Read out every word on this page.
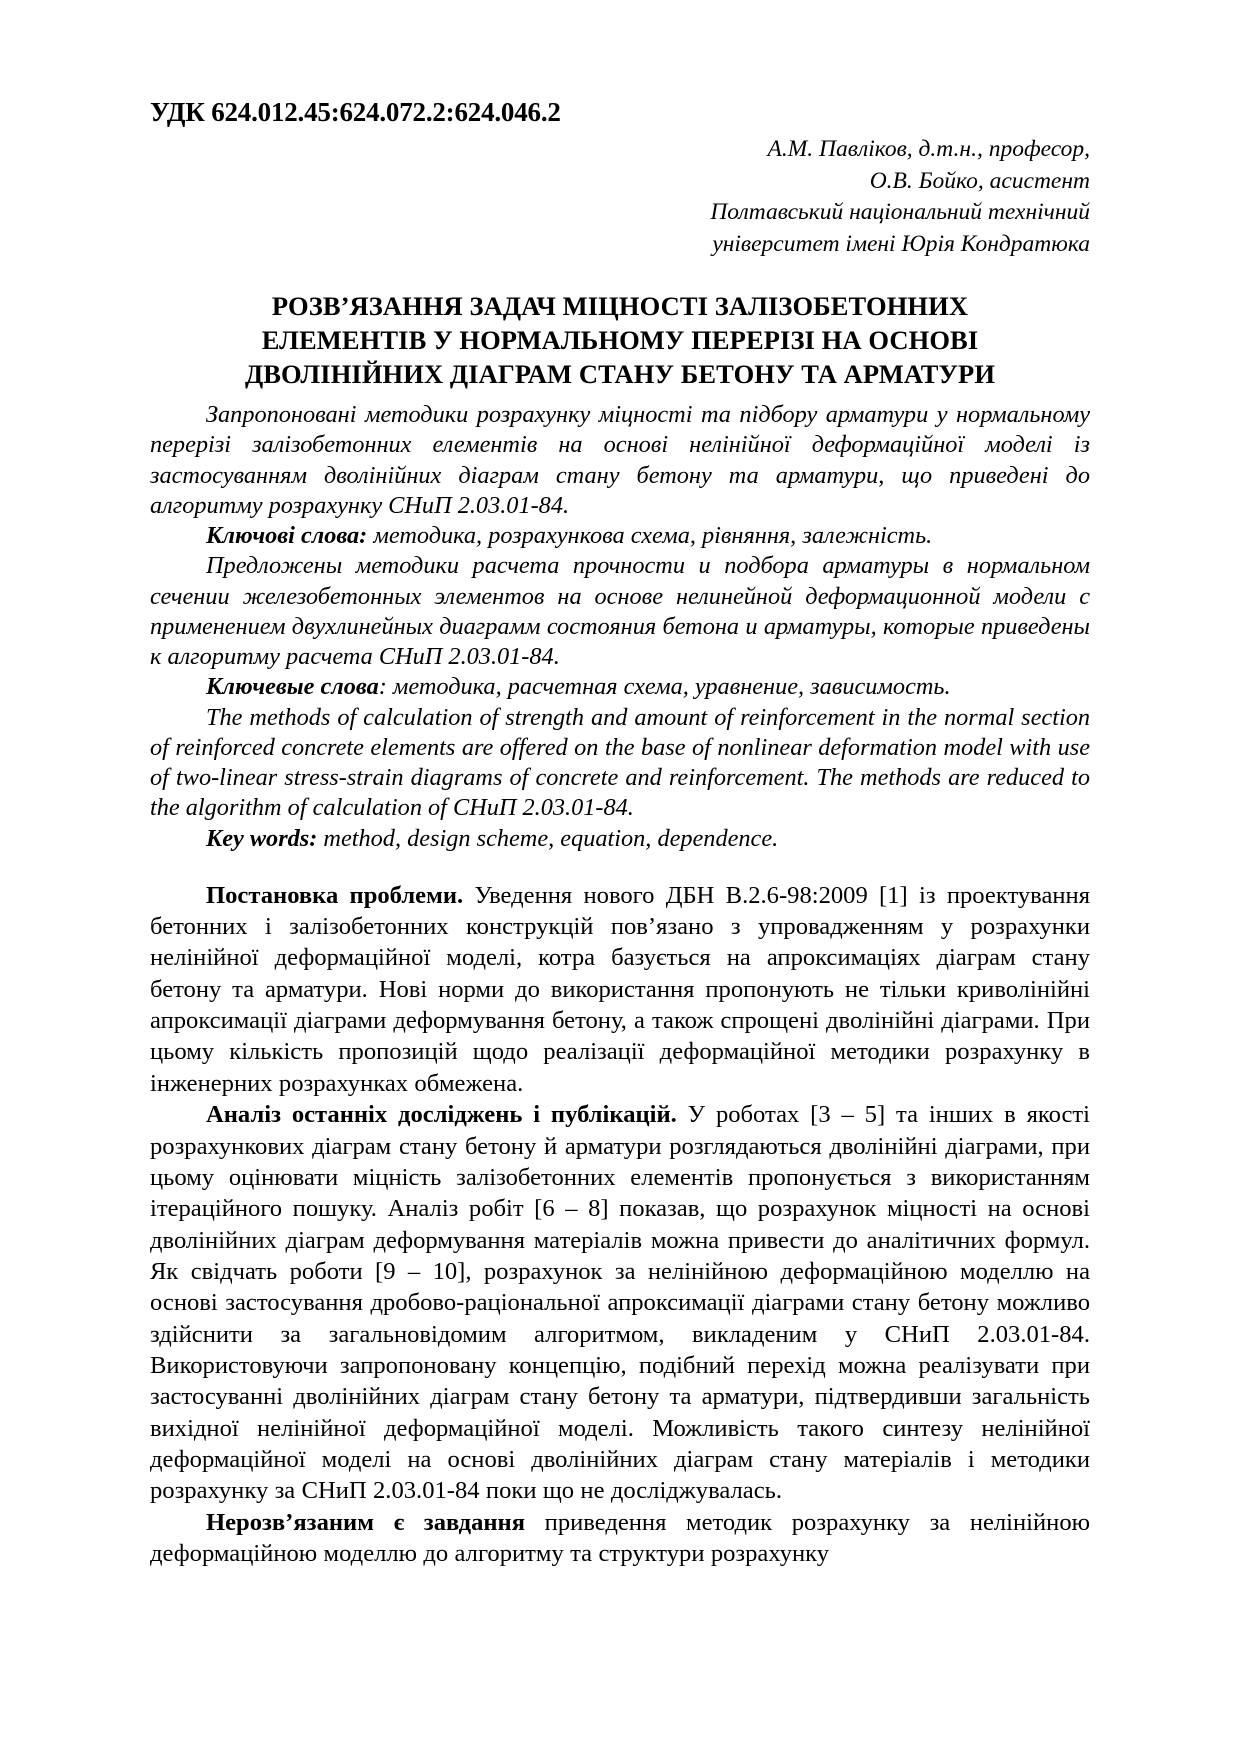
УДК 624.012.45:624.072.2:624.046.2
А.М. Павліков, д.т.н., професор,
О.В. Бойко, асистент
Полтавський національний технічний
університет імені Юрія Кондратюка
РОЗВ’ЯЗАННЯ ЗАДАЧ МІЦНОСТІ ЗАЛІЗОБЕТОННИХ
ЕЛЕМЕНТІВ У НОРМАЛЬНОМУ ПЕРЕРІЗІ НА ОСНОВІ
ДВОЛІНІЙНИХ ДІАГРАМ СТАНУ БЕТОНУ ТА АРМАТУРИ

Запропоновані методики розрахунку міцності та підбору арматури у нормальному перерізі залізобетонних елементів на основі нелінійної деформаційної моделі із застосуванням дволінійних діаграм стану бетону та арматури, що приведені до алгоритму розрахунку СНиП 2.03.01-84.

Ключові слова: методика, розрахункова схема, рівняння, залежність.

Предложены методики расчета прочности и подбора арматуры в нормальном сечении железобетонных элементов на основе нелинейной деформационной модели с применением двухлинейных диаграмм состояния бетона и арматуры, которые приведены к алгоритму расчета СНиП 2.03.01-84.

Ключевые слова: методика, расчетная схема, уравнение, зависимость.

The methods of calculation of strength and amount of reinforcement in the normal section of reinforced concrete elements are offered on the base of nonlinear deformation model with use of two-linear stress-strain diagrams of concrete and reinforcement. The methods are reduced to the algorithm of calculation of СНиП 2.03.01-84.

Key words: method, design scheme, equation, dependence.

Постановка проблеми. Уведення нового ДБН В.2.6-98:2009 [1] із проектування бетонних і залізобетонних конструкцій пов’язано з упровадженням у розрахунки нелінійної деформаційної моделі, котра базується на апроксимаціях діаграм стану бетону та арматури. Нові норми до використання пропонують не тільки криволінійні апроксимації діаграми деформування бетону, а також спрощені дволінійні діаграми. При цьому кількість пропозицій щодо реалізації деформаційної методики розрахунку в інженерних розрахунках обмежена.

Аналіз останніх досліджень і публікацій. У роботах [3 – 5] та інших в якості розрахункових діаграм стану бетону й арматури розглядаються дволінійні діаграми, при цьому оцінювати міцність залізобетонних елементів пропонується з використанням ітераційного пошуку. Аналіз робіт [6 – 8] показав, що розрахунок міцності на основі дволінійних діаграм деформування матеріалів можна привести до аналітичних формул. Як свідчать роботи [9 – 10], розрахунок за нелінійною деформаційною моделлю на основі застосування дробово-раціональної апроксимації діаграми стану бетону можливо здійснити за загальновідомим алгоритмом, викладеним у СНиП 2.03.01-84. Використовуючи запропоновану концепцію, подібний перехід можна реалізувати при застосуванні дволінійних діаграм стану бетону та арматури, підтвердивши загальність вихідної нелінійної деформаційної моделі. Можливість такого синтезу нелінійної деформаційної моделі на основі дволінійних діаграм стану матеріалів і методики розрахунку за СНиП 2.03.01-84 поки що не досліджувалась.

Нерозв’язаним є завдання приведення методик розрахунку за нелінійною деформаційною моделлю до алгоритму та структури розрахунку
